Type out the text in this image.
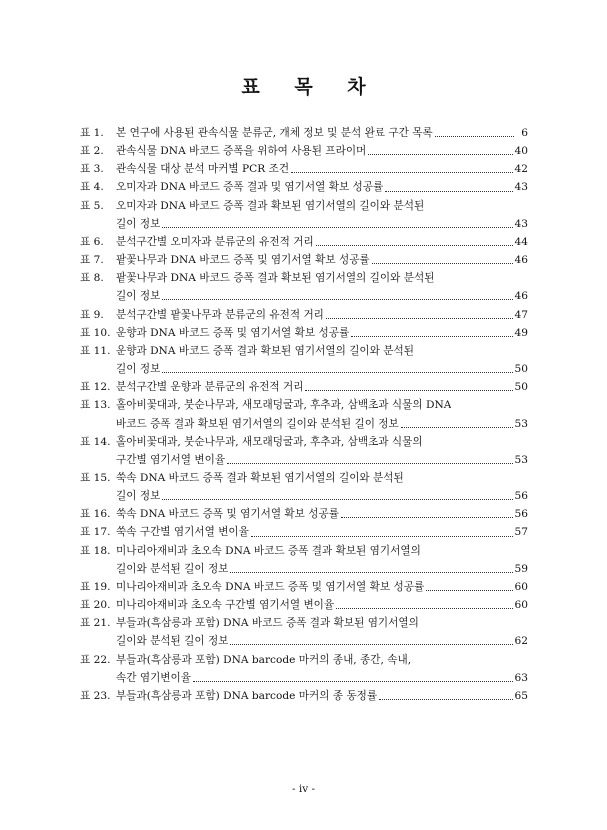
표 목 차
표 1.	본 연구에 사용된 관속식물 분류군, 개체 정보 및 분석 완료 구간 목록	6
표 2.	관속식물 DNA 바코드 증폭을 위하여 사용된 프라이머	40
표 3.	관속식물 대상 분석 마커별 PCR 조건	42
표 4.	오미자과 DNA 바코드 증폭 결과 및 염기서열 확보 성공률	43
표 5.	오미자과 DNA 바코드 증폭 결과 확보된 염기서열의 길이와 분석된
길이 정보	43
표 6.	분석구간별 오미자과 분류군의 유전적 거리	44
표 7.	팥꽃나무과 DNA 바코드 증폭 및 염기서열 확보 성공률	46
표 8.	팥꽃나무과 DNA 바코드 증폭 결과 확보된 염기서열의 길이와 분석된
길이 정보	46
표 9.	분석구간별 팥꽃나무과 분류군의 유전적 거리	47
표 10. 운향과 DNA 바코드 증폭 및 염기서열 확보 성공률	49
표 11. 운향과 DNA 바코드 증폭 결과 확보된 염기서열의 길이와 분석된
길이 정보	50
표 12. 분석구간별 운향과 분류군의 유전적 거리	50
표 13. 홀아비꽃대과, 붓순나무과, 새모래덩굴과, 후추과, 삼백초과 식물의 DNA
바코드 증폭 결과 확보된 염기서열의 길이와 분석된 길이 정보	53
표 14. 홀아비꽃대과, 붓순나무과, 새모래덩굴과, 후추과, 삼백초과 식물의
구간별 염기서열 변이율	53
표 15. 쑥속 DNA 바코드 증폭 결과 확보된 염기서열의 길이와 분석된
길이 정보	56
표 16. 쑥속 DNA 바코드 증폭 및 염기서열 확보 성공률	56
표 17. 쑥속 구간별 염기서열 변이율	57
표 18. 미나리아재비과 초오속 DNA 바코드 증폭 결과 확보된 염기서열의
길이와 분석된 길이 정보	59
표 19. 미나리아재비과 초오속 DNA 바코드 증폭 및 염기서열 확보 성공률	60
표 20. 미나리아재비과 초오속 구간별 염기서열 변이율	60
표 21. 부들과(흑삼릉과 포함) DNA 바코드 증폭 결과 확보된 염기서열의
길이와 분석된 길이 정보	62
표 22. 부들과(흑삼릉과 포함) DNA barcode 마커의 종내, 종간, 속내,
속간 염기변이율	63
표 23. 부들과(흑삼릉과 포함) DNA barcode 마커의 종 동정률	65
- iv -
